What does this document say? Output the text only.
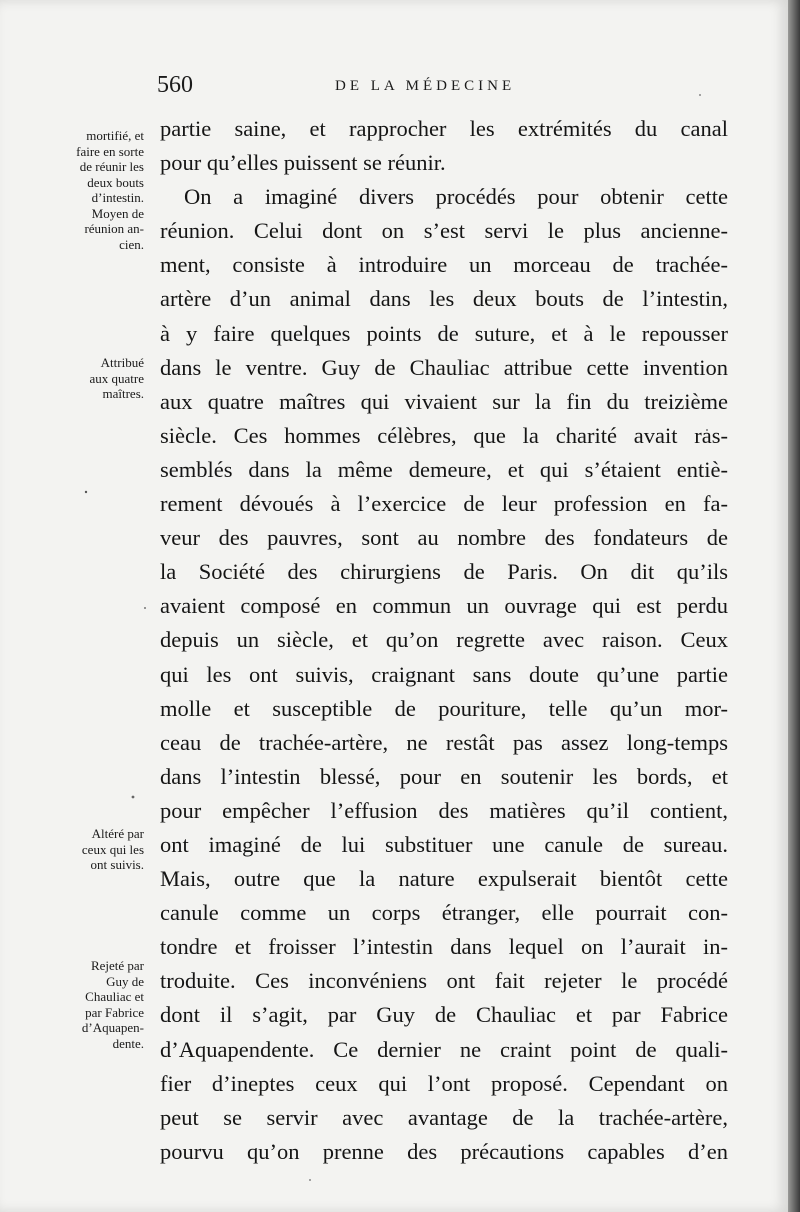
560	DE LA MÉDECINE
mortifié, et
faire en sorte
de réunir les
deux bouts
d’intestin.
Moyen de
réunion an-
cien.
Attribué
aux quatre
maîtres.
Altéré par
ceux qui les
ont suivis.
Rejeté par
Guy de
Chauliac et
par Fabrice
d’Aquapen-
dente.
partie saine, et rapprocher les extrémités du canal
pour qu’elles puissent se réunir.
On a imaginé divers procédés pour obtenir cette
réunion. Celui dont on s’est servi le plus ancienne-
ment, consiste à introduire un morceau de trachée-
artère d’un animal dans les deux bouts de l’intestin,
à y faire quelques points de suture, et à le repousser
dans le ventre. Guy de Chauliac attribue cette invention
aux quatre maîtres qui vivaient sur la fin du treizième
siècle. Ces hommes célèbres, que la charité avait ras-
semblés dans la même demeure, et qui s’étaient entiè-
rement dévoués à l’exercice de leur profession en fa-
veur des pauvres, sont au nombre des fondateurs de
la Société des chirurgiens de Paris. On dit qu’ils
avaient composé en commun un ouvrage qui est perdu
depuis un siècle, et qu’on regrette avec raison. Ceux
qui les ont suivis, craignant sans doute qu’une partie
molle et susceptible de pouriture, telle qu’un mor-
ceau de trachée-artère, ne restât pas assez long-temps
dans l’intestin blessé, pour en soutenir les bords, et
pour empêcher l’effusion des matières qu’il contient,
ont imaginé de lui substituer une canule de sureau.
Mais, outre que la nature expulserait bientôt cette
canule comme un corps étranger, elle pourrait con-
tondre et froisser l’intestin dans lequel on l’aurait in-
troduite. Ces inconvéniens ont fait rejeter le procédé
dont il s’agit, par Guy de Chauliac et par Fabrice
d’Aquapendente. Ce dernier ne craint point de quali-
fier d’ineptes ceux qui l’ont proposé. Cependant on
peut se servir avec avantage de la trachée-artère,
pourvu qu’on prenne des précautions capables d’en
